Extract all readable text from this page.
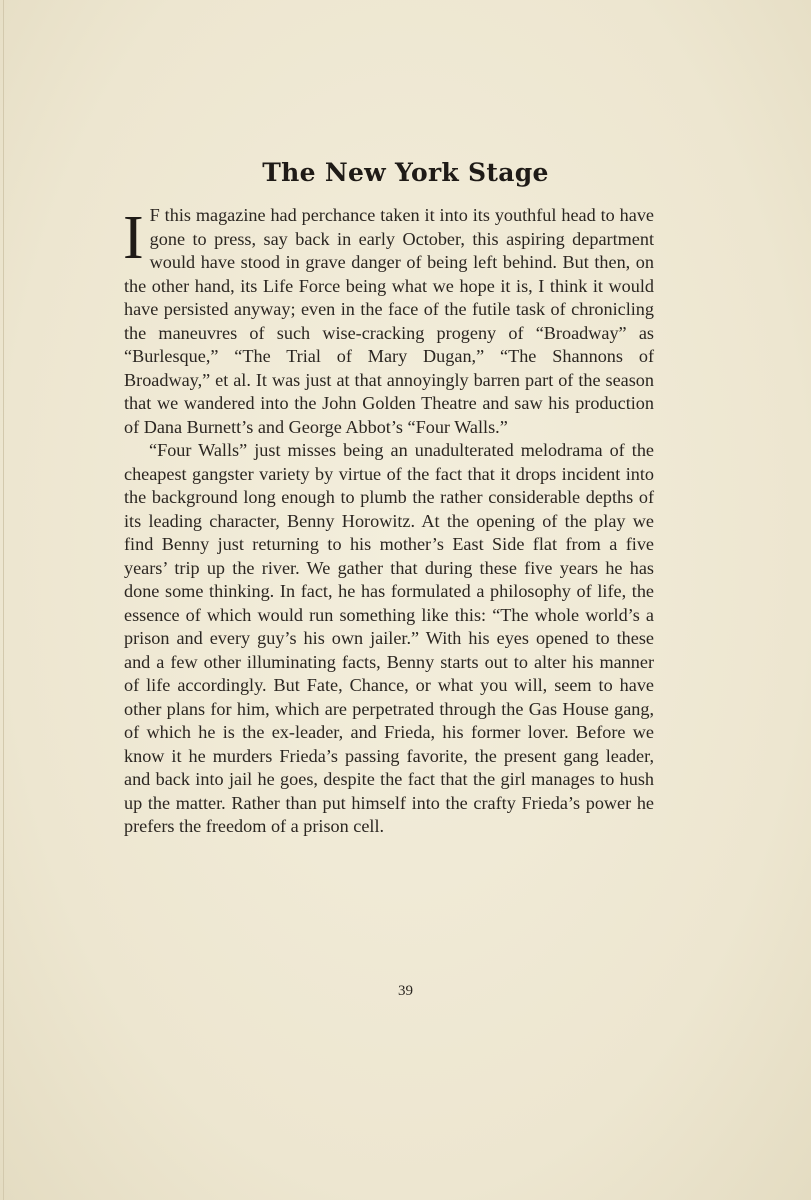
The New York Stage

I F this magazine had perchance taken it into its youthful head to have gone to press, say back in early October, this aspiring department would have stood in grave danger of being left behind. But then, on the other hand, its Life Force being what we hope it is, I think it would have persisted anyway; even in the face of the futile task of chronicling the maneuvres of such wise-cracking progeny of “Broadway” as “Burlesque,” “The Trial of Mary Dugan,” “The Shannons of Broadway,” et al. It was just at that annoyingly barren part of the season that we wandered into the John Golden Theatre and saw his production of Dana Burnett’s and George Abbot’s “Four Walls.”

“Four Walls” just misses being an unadulterated melodrama of the cheapest gangster variety by virtue of the fact that it drops incident into the background long enough to plumb the rather considerable depths of its leading character, Benny Horowitz. At the opening of the play we find Benny just returning to his mother’s East Side flat from a five years’ trip up the river. We gather that during these five years he has done some thinking. In fact, he has formulated a philosophy of life, the essence of which would run something like this: “The whole world’s a prison and every guy’s his own jailer.” With his eyes opened to these and a few other illuminating facts, Benny starts out to alter his manner of life accordingly. But Fate, Chance, or what you will, seem to have other plans for him, which are perpetrated through the Gas House gang, of which he is the ex-leader, and Frieda, his former lover. Before we know it he murders Frieda’s passing favorite, the present gang leader, and back into jail he goes, despite the fact that the girl manages to hush up the matter. Rather than put himself into the crafty Frieda’s power he prefers the freedom of a prison cell.

39
